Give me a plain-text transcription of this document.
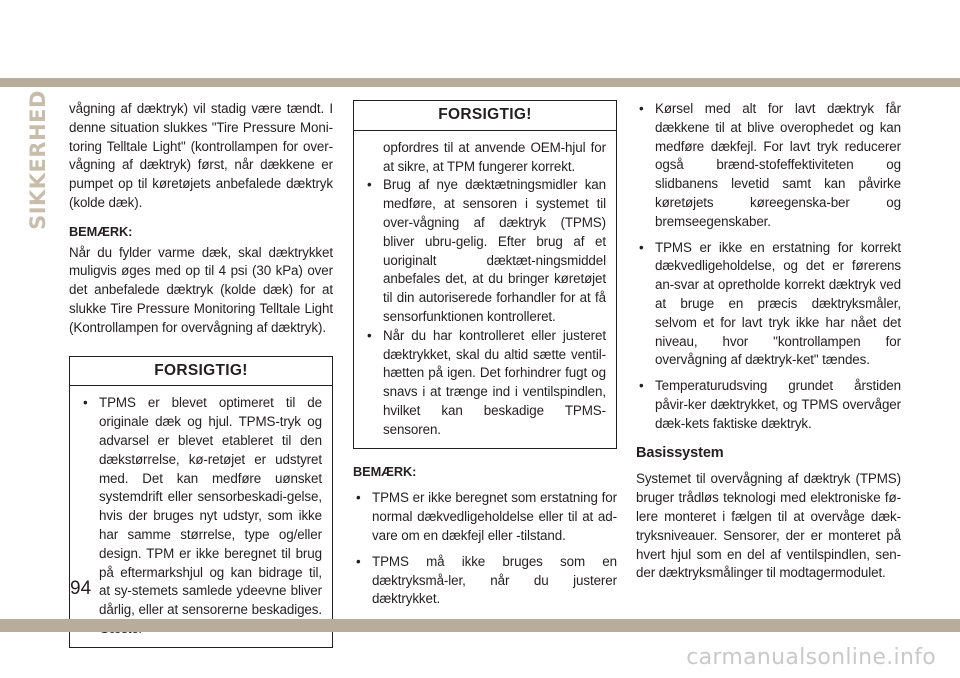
SIKKERHED vågning af dæktryk) vil stadig være tændt. I denne situation slukkes "Tire Pressure Moni-toring Telltale Light" (kontrollampen for over-vågning af dæktryk) først, når dækkene er pumpet op til køretøjets anbefalede dæktryk (kolde dæk).

BEMÆRK:

Når du fylder varme dæk, skal dæktrykket muligvis øges med op til 4 psi (30 kPa) over det anbefalede dæktryk (kolde dæk) for at slukke Tire Pressure Monitoring Telltale Light (Kontrollampen for overvågning af dæktryk).

FORSIGTIG!
• TPMS er blevet optimeret til de originale dæk og hjul. TPMS-tryk og advarsel er blevet etableret til den dækstørrelse, kø-retøjet er udstyret med. Det kan medføre uønsket systemdrift eller sensorbeskadi-gelse, hvis der bruges nyt udstyr, som ikke har samme størrelse, type og/eller design. TPM er ikke beregnet til brug på eftermarkshjul og kan bidrage til, at sy-stemets samlede ydeevne bliver dårlig, eller at sensorerne beskadiges.
FORSIGTIG!
opfordres til at anvende OEM-hjul for at sikre, at TPM fungerer korrekt.
• Brug af nye dæktætningsmidler kan medføre, at sensoren i systemet til over-vågning af dæktryk (TPMS) bliver ubru-gelig. Efter brug af et uoriginalt dæktæt-ningsmiddel anbefales det, at du bringer køretøjet til din autoriserede forhandler for at få sensorfunktionen kontrolleret.
• Når du har kontrolleret eller justeret dæktrykket, skal du altid sætte ventil-hætten på igen. Det forhindrer fugt og snavs i at trænge ind i ventilspindlen, hvilket kan beskadige TPMS-sensoren.
BEMÆRK:
• TPMS er ikke beregnet som erstatning for normal dækvedligeholdelse eller til at ad-vare om en dækfejl eller -tilstand.
• TPMS må ikke bruges som en dæktryksmå-ler, når du justerer dæktrykket.
• Kørsel med alt for lavt dæktryk får dækkene til at blive overophedet og kan medføre dækfejl. For lavt tryk reducerer også brænd-stofeffektiviteten og slidbanens levetid samt kan påvirke køretøjets køreegenska-ber og bremseegenskaber.
• TPMS er ikke en erstatning for korrekt dækvedligeholdelse, og det er førerens an-svar at opretholde korrekt dæktryk ved at bruge en præcis dæktryksmåler, selvom et for lavt tryk ikke har nået det niveau, hvor "kontrollampen for overvågning af dæktryk-ket" tændes.
• Temperaturudsving grundet årstiden påvir-ker dæktrykket, og TPMS overvåger dæk-kets faktiske dæktryk.
Basissystem

Systemet til overvågning af dæktryk (TPMS) bruger trådløs teknologi med elektroniske fø-lere monteret i fælgen til at overvåge dæk-tryksniveauer. Sensorer, der er monteret på hvert hjul som en del af ventilspindlen, sen-der dæktryksmålinger til modtagermodulet.

94
carmanualsonline.info
